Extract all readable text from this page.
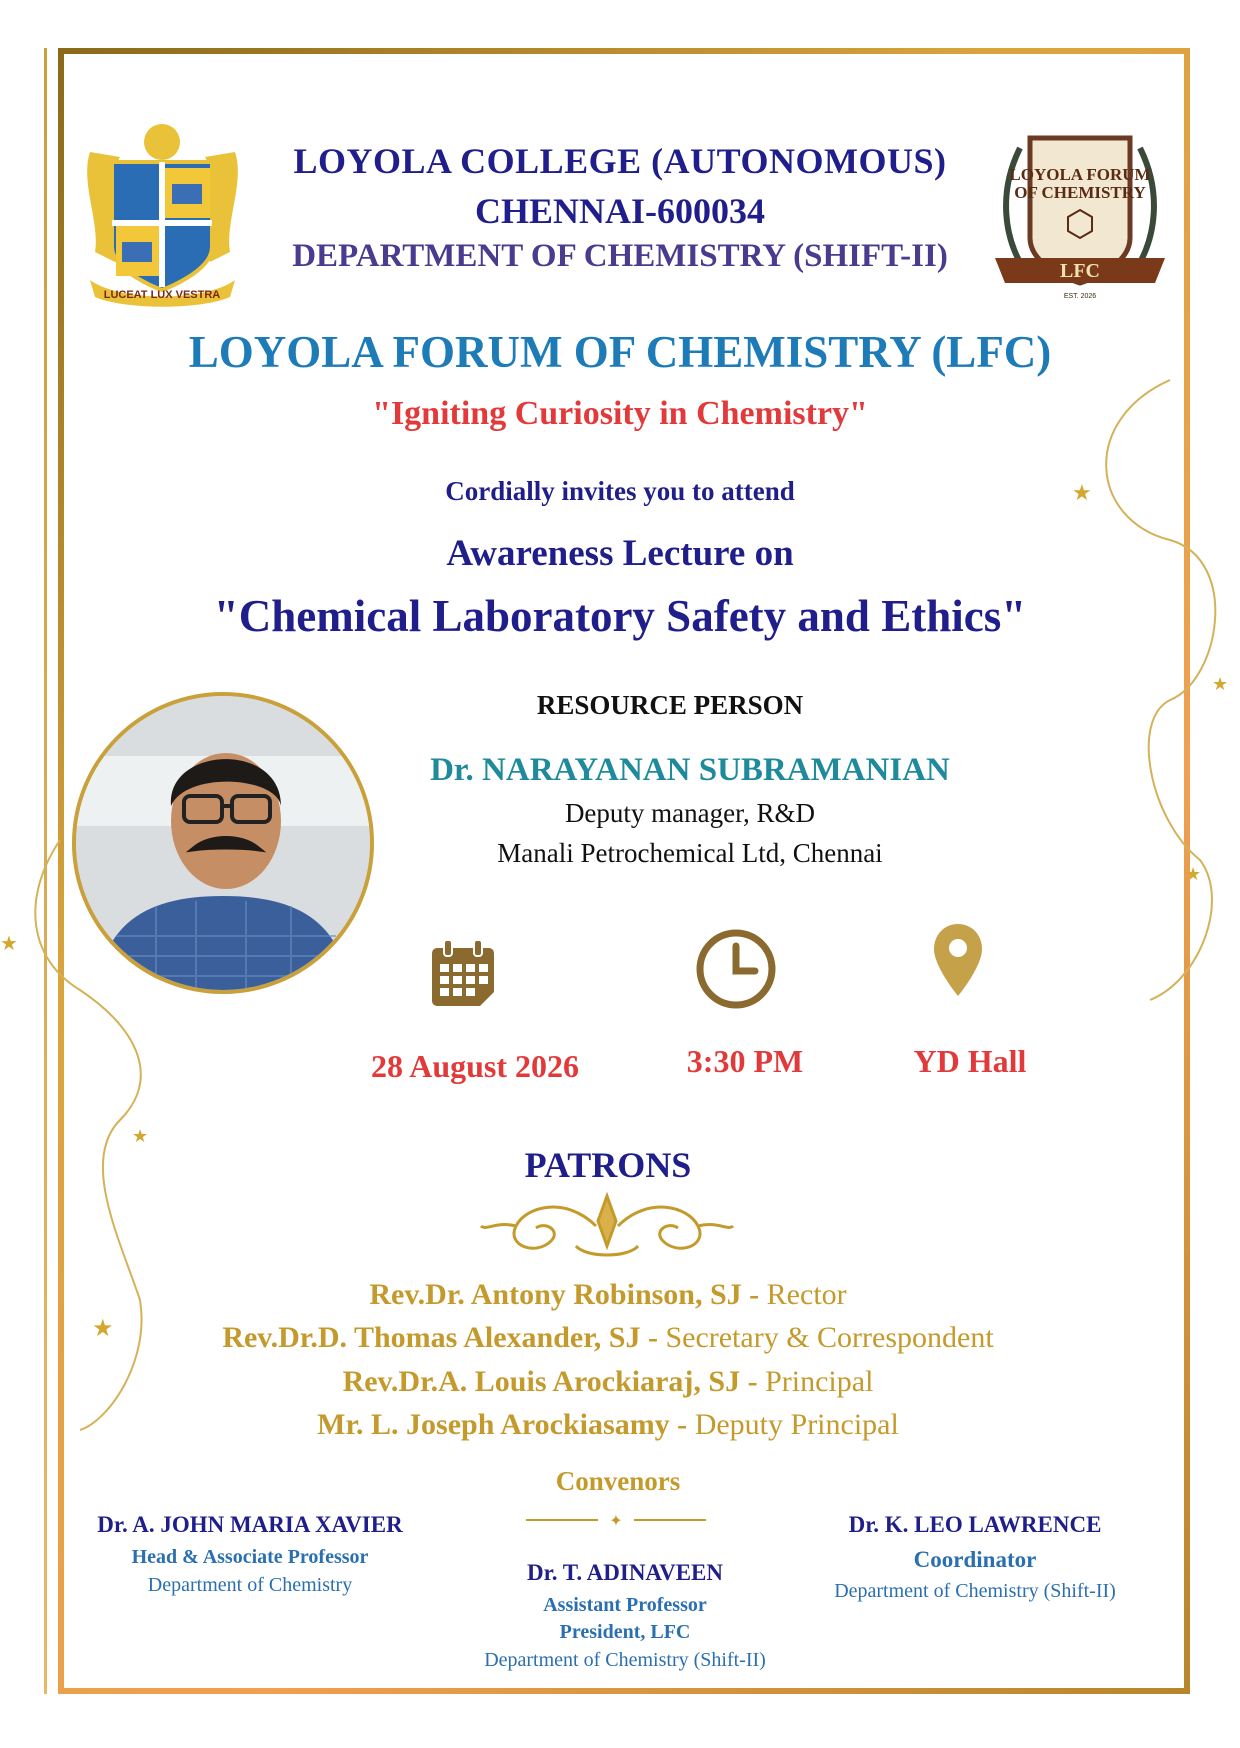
★
★
★
★
★
★
LUCEAT LUX VESTRA
LOYOLA FORUM
OF CHEMISTRY
LFC
EST. 2026
LOYOLA COLLEGE (AUTONOMOUS)
CHENNAI-600034
DEPARTMENT OF CHEMISTRY (SHIFT-II)
LOYOLA FORUM OF CHEMISTRY (LFC)
"Igniting Curiosity in Chemistry"
Cordially invites you to attend
Awareness Lecture on
"Chemical Laboratory Safety and Ethics"
RESOURCE PERSON
Dr. NARAYANAN SUBRAMANIAN
Deputy manager, R&D
Manali Petrochemical Ltd, Chennai
28 August 2026	3:30 PM	YD Hall
PATRONS
Rev.Dr. Antony Robinson, SJ - Rector
Rev.Dr.D. Thomas Alexander, SJ - Secretary & Correspondent
Rev.Dr.A. Louis Arockiaraj, SJ - Principal
Mr. L. Joseph Arockiasamy - Deputy Principal
Convenors
✦
Dr. A. JOHN MARIA XAVIER
Head & Associate Professor
Department of Chemistry	Dr. T. ADINAVEEN
Assistant Professor
President, LFC
Department of Chemistry (Shift-II)
Dr. K. LEO LAWRENCE
Coordinator
Department of Chemistry (Shift-II)
